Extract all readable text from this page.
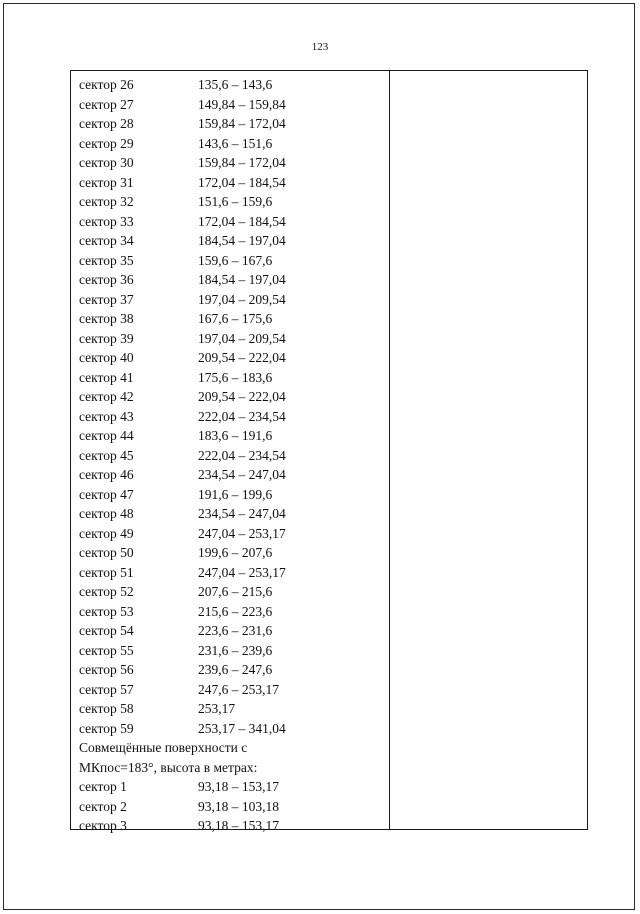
123
сектор 26	135,6 – 143,6
сектор 27	149,84 – 159,84
сектор 28	159,84 – 172,04
сектор 29	143,6 – 151,6
сектор 30	159,84 – 172,04
сектор 31	172,04 – 184,54
сектор 32	151,6 – 159,6
сектор 33	172,04 – 184,54
сектор 34	184,54 – 197,04
сектор 35	159,6 – 167,6
сектор 36	184,54 – 197,04
сектор 37	197,04 – 209,54
сектор 38	167,6 – 175,6
сектор 39	197,04 – 209,54
сектор 40	209,54 – 222,04
сектор 41	175,6 – 183,6
сектор 42	209,54 – 222,04
сектор 43	222,04 – 234,54
сектор 44	183,6 – 191,6
сектор 45	222,04 – 234,54
сектор 46	234,54 – 247,04
сектор 47	191,6 – 199,6
сектор 48	234,54 – 247,04
сектор 49	247,04 – 253,17
сектор 50	199,6 – 207,6
сектор 51	247,04 – 253,17
сектор 52	207,6 – 215,6
сектор 53	215,6 – 223,6
сектор 54	223,6 – 231,6
сектор 55	231,6 – 239,6
сектор 56	239,6 – 247,6
сектор 57	247,6 – 253,17
сектор 58	253,17
сектор 59	253,17 – 341,04
Совмещённые поверхности с
МКпос=183°, высота в метрах:
сектор 1	93,18 – 153,17
сектор 2	93,18 – 103,18
сектор 3	93,18 – 153,17
